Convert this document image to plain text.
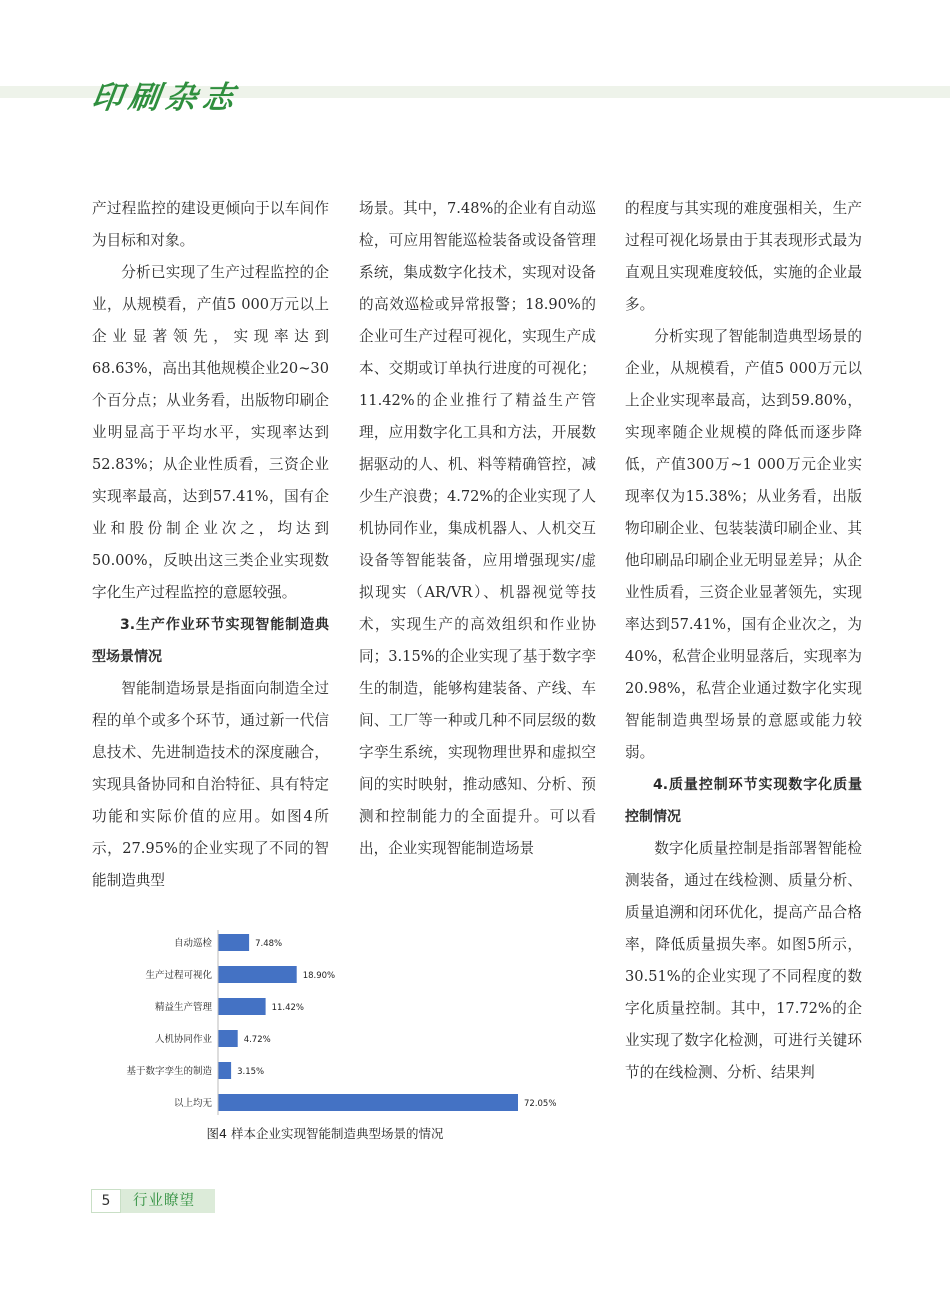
印刷杂志

产过程监控的建设更倾向于以车间作为目标和对象。

分析已实现了生产过程监控的企业，从规模看，产值5 000万元以上企业显著领先，实现率达到68.63%，高出其他规模企业20~30个百分点；从业务看，出版物印刷企业明显高于平均水平，实现率达到52.83%；从企业性质看，三资企业实现率最高，达到57.41%，国有企业和股份制企业次之，均达到50.00%，反映出这三类企业实现数字化生产过程监控的意愿较强。

3.生产作业环节实现智能制造典型场景情况

智能制造场景是指面向制造全过程的单个或多个环节，通过新一代信息技术、先进制造技术的深度融合，实现具备协同和自治特征、具有特定功能和实际价值的应用。如图4所示，27.95%的企业实现了不同的智能制造典型

场景。其中，7.48%的企业有自动巡检，可应用智能巡检装备或设备管理系统，集成数字化技术，实现对设备的高效巡检或异常报警；18.90%的企业可生产过程可视化，实现生产成本、交期或订单执行进度的可视化；11.42%的企业推行了精益生产管理，应用数字化工具和方法，开展数据驱动的人、机、料等精确管控，减少生产浪费；4.72%的企业实现了人机协同作业，集成机器人、人机交互设备等智能装备，应用增强现实/虚拟现实（AR/VR）、机器视觉等技术，实现生产的高效组织和作业协同；3.15%的企业实现了基于数字孪生的制造，能够构建装备、产线、车间、工厂等一种或几种不同层级的数字孪生系统，实现物理世界和虚拟空间的实时映射，推动感知、分析、预测和控制能力的全面提升。可以看出，企业实现智能制造场景

的程度与其实现的难度强相关，生产过程可视化场景由于其表现形式最为直观且实现难度较低，实施的企业最多。

分析实现了智能制造典型场景的企业，从规模看，产值5 000万元以上企业实现率最高，达到59.80%，实现率随企业规模的降低而逐步降低，产值300万~1 000万元企业实现率仅为15.38%；从业务看，出版物印刷企业、包装装潢印刷企业、其他印刷品印刷企业无明显差异；从企业性质看，三资企业显著领先，实现率达到57.41%，国有企业次之，为40%，私营企业明显落后，实现率为20.98%，私营企业通过数字化实现智能制造典型场景的意愿或能力较弱。

4.质量控制环节实现数字化质量控制情况

数字化质量控制是指部署智能检测装备，通过在线检测、质量分析、质量追溯和闭环优化，提高产品合格率，降低质量损失率。如图5所示，30.51%的企业实现了不同程度的数字化质量控制。其中，17.72%的企业实现了数字化检测，可进行关键环节的在线检测、分析、结果判

自动巡检	7.48%
生产过程可视化	18.90%
精益生产管理	11.42%
人机协同作业	4.72%
基于数字孪生的制造	3.15%
以上均无	72.05%
图4 样本企业实现智能制造典型场景的情况
5	行业瞭望
